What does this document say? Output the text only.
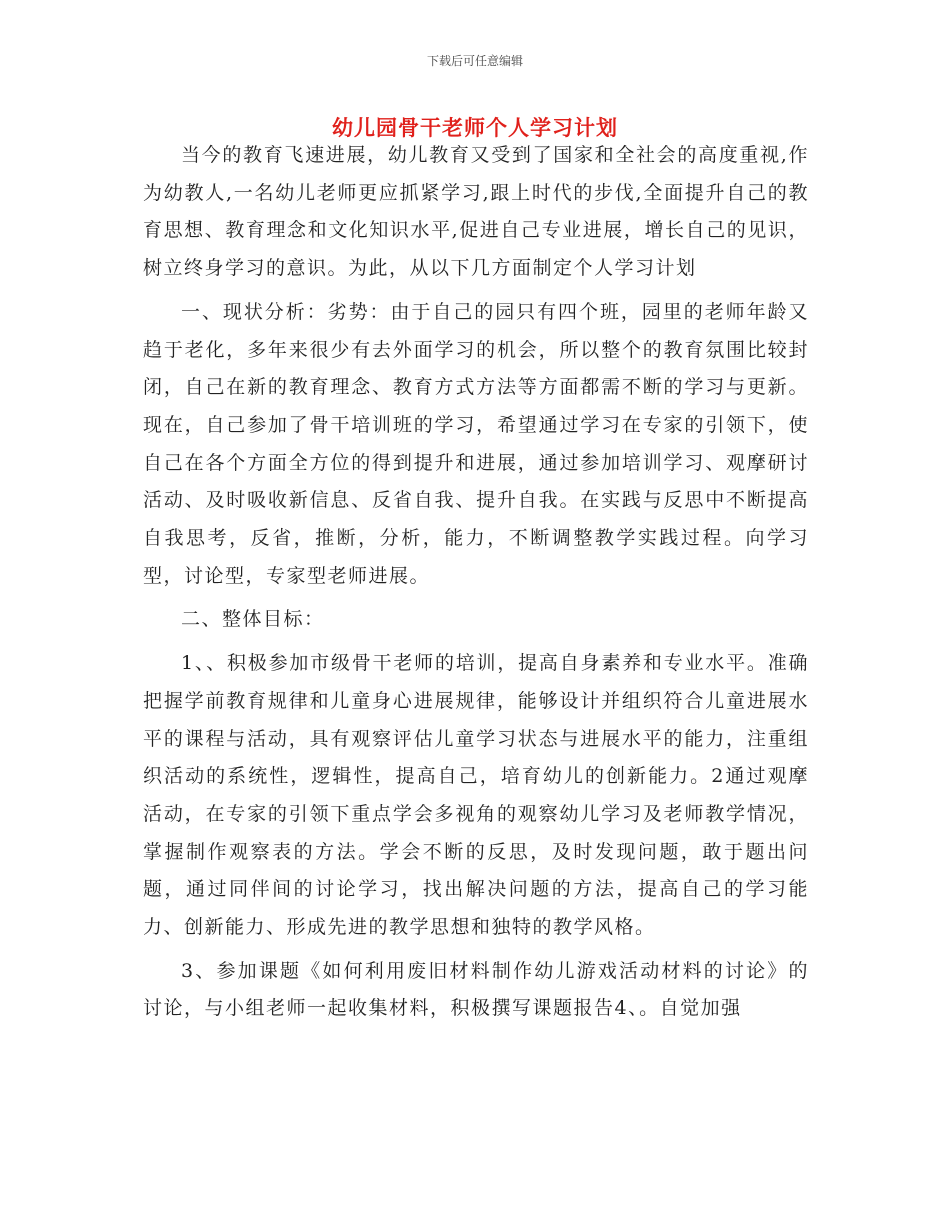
下载后可任意编辑
幼儿园骨干老师个人学习计划

当今的教育飞速进展，幼儿教育又受到了国家和全社会的高度重视,作为幼教人,一名幼儿老师更应抓紧学习,跟上时代的步伐,全面提升自己的教育思想、教育理念和文化知识水平,促进自己专业进展，增长自己的见识，树立终身学习的意识。为此，从以下几方面制定个人学习计划

一、现状分析：劣势：由于自己的园只有四个班，园里的老师年龄又趋于老化，多年来很少有去外面学习的机会，所以整个的教育氛围比较封闭，自己在新的教育理念、教育方式方法等方面都需不断的学习与更新。现在，自己参加了骨干培训班的学习，希望通过学习在专家的引领下，使自己在各个方面全方位的得到提升和进展，通过参加培训学习、观摩研讨活动、及时吸收新信息、反省自我、提升自我。在实践与反思中不断提高自我思考，反省，推断，分析，能力，不断调整教学实践过程。向学习型，讨论型，专家型老师进展。

二、整体目标：

1、、积极参加市级骨干老师的培训，提高自身素养和专业水平。准确把握学前教育规律和儿童身心进展规律，能够设计并组织符合儿童进展水平的课程与活动，具有观察评估儿童学习状态与进展水平的能力，注重组织活动的系统性，逻辑性，提高自己，培育幼儿的创新能力。2通过观摩活动，在专家的引领下重点学会多视角的观察幼儿学习及老师教学情况，掌握制作观察表的方法。学会不断的反思，及时发现问题，敢于题出问题，通过同伴间的讨论学习，找出解决问题的方法，提高自己的学习能力、创新能力、形成先进的教学思想和独特的教学风格。

3、参加课题《如何利用废旧材料制作幼儿游戏活动材料的讨论》的讨论，与小组老师一起收集材料，积极撰写课题报告4、。自觉加强
